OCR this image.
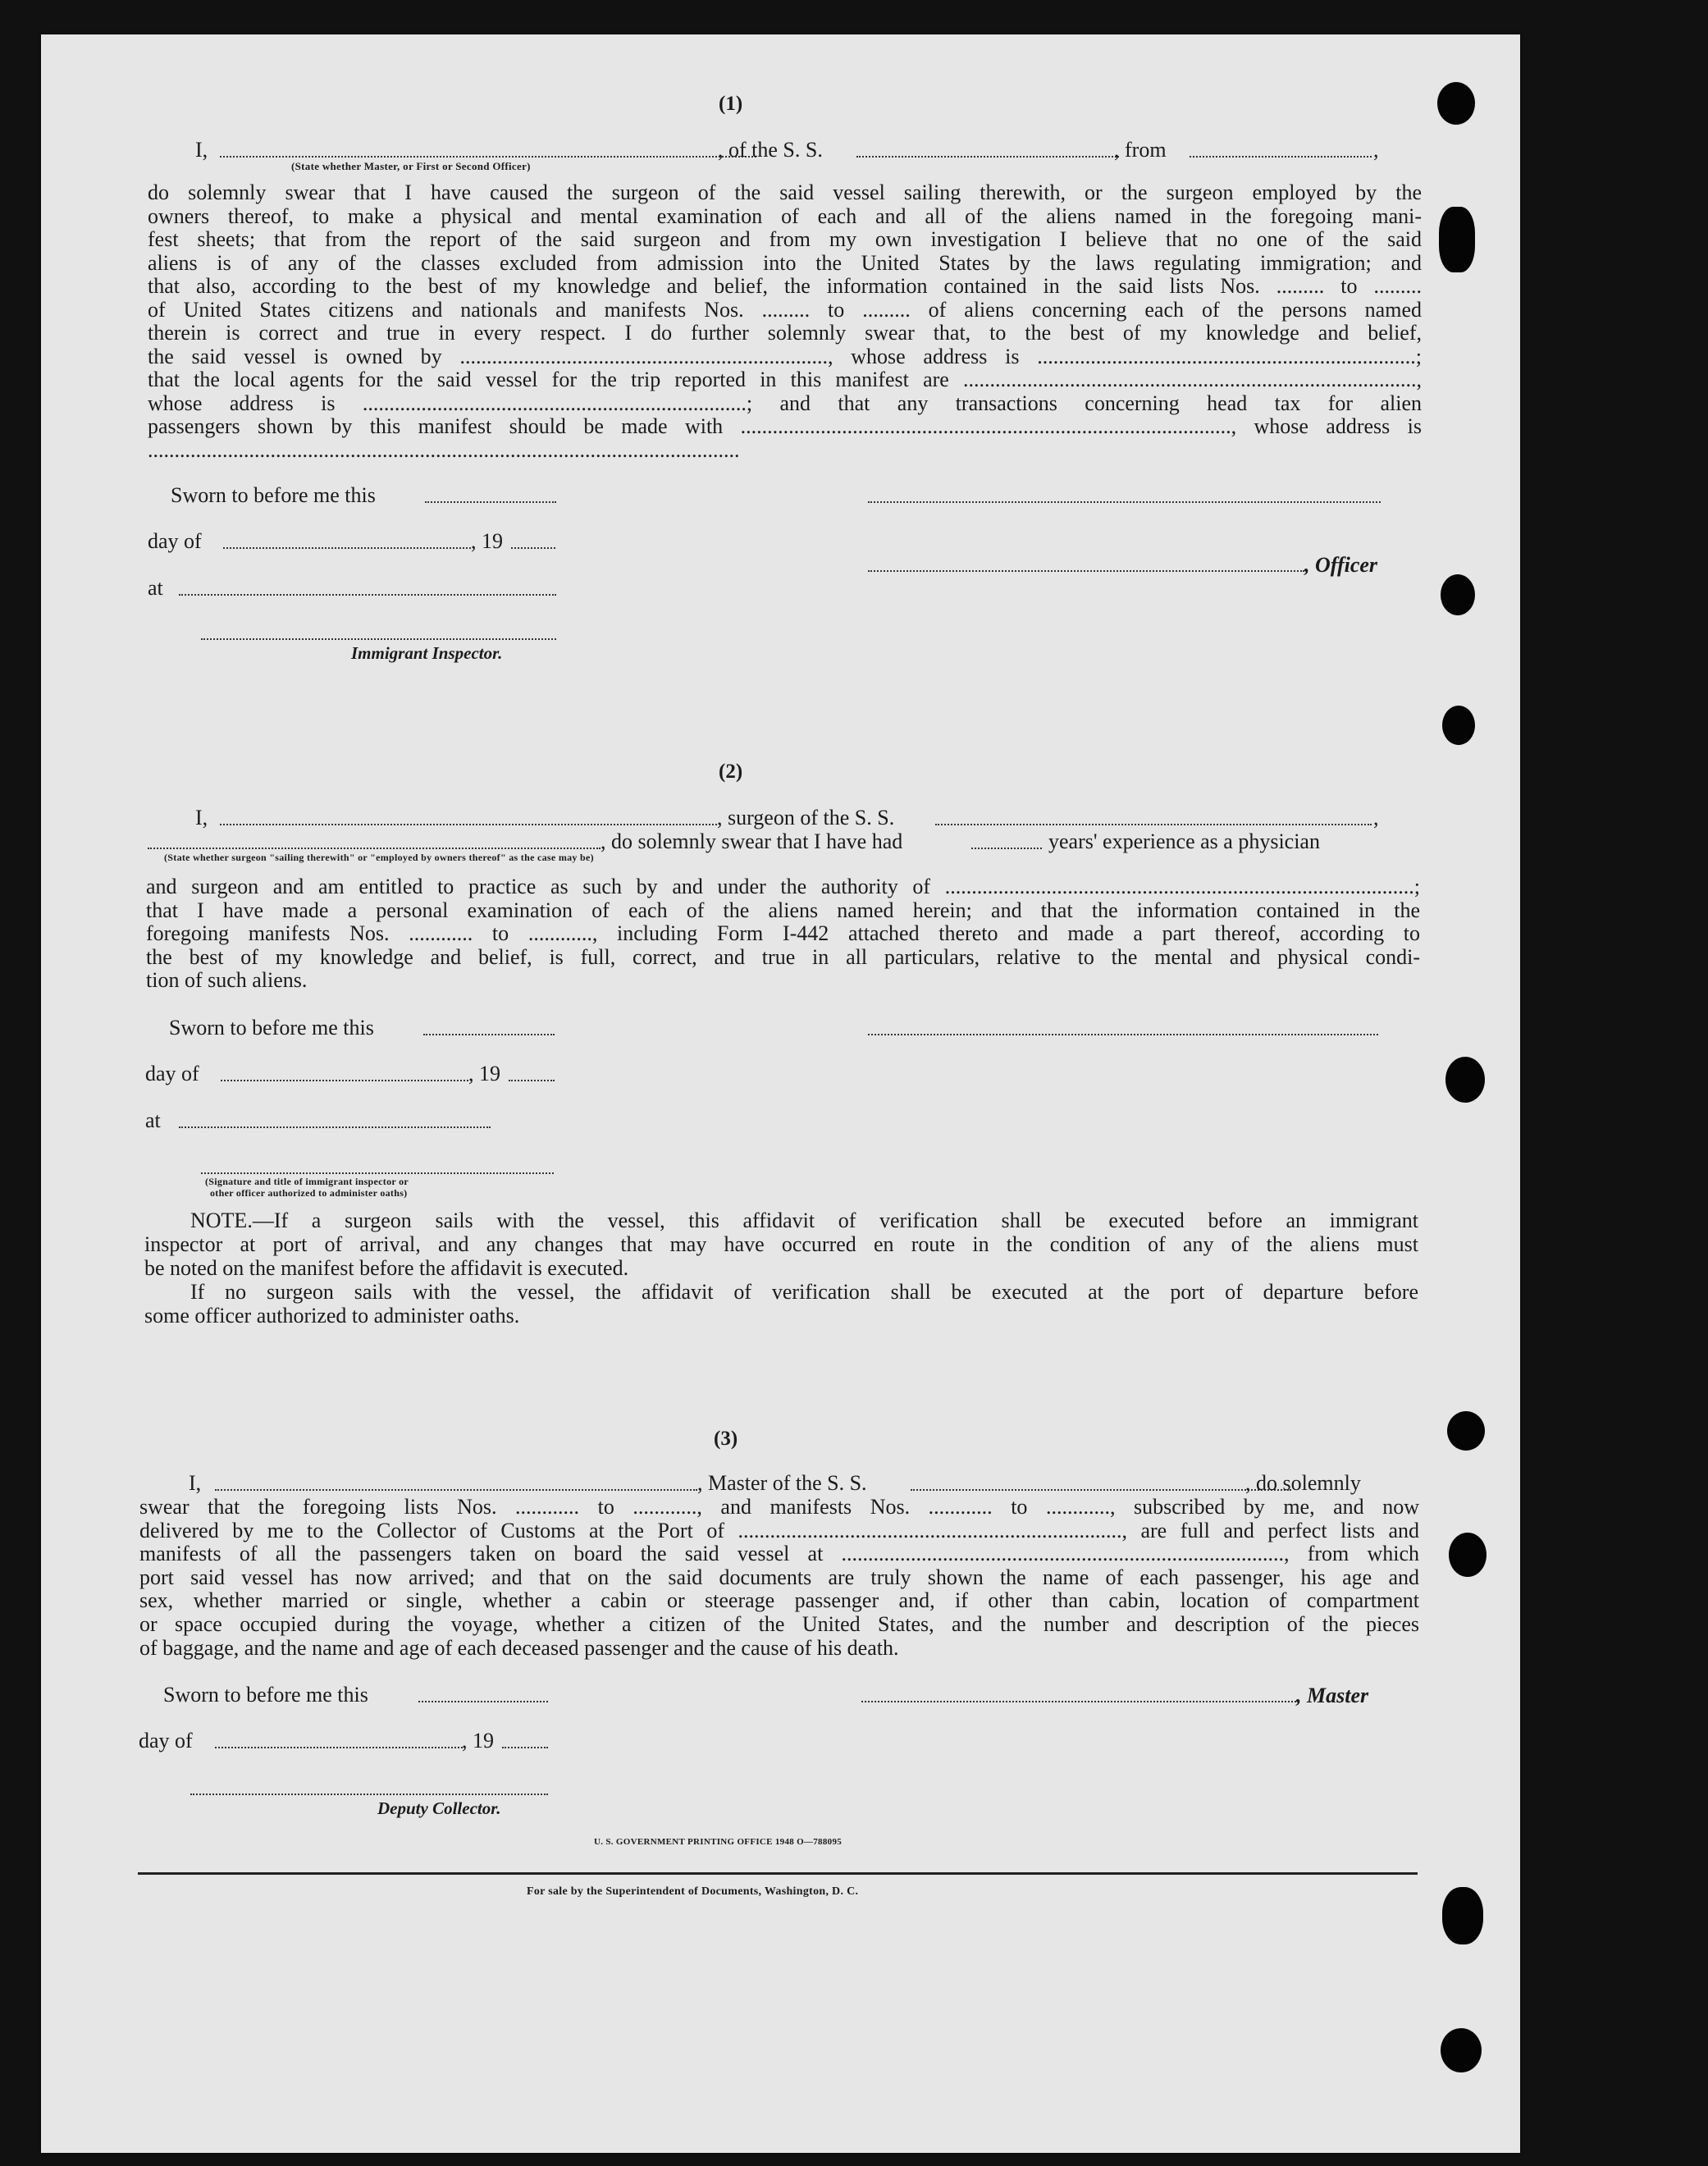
(1)
I,	, of the S. S.	, from	,
(State whether Master, or First or Second Officer)
do solemnly swear that I have caused the surgeon of the said vessel sailing therewith, or the surgeon employed by the
owners thereof, to make a physical and mental examination of each and all of the aliens named in the foregoing mani-
fest sheets; that from the report of the said surgeon and from my own investigation I believe that no one of the said
aliens is of any of the classes excluded from admission into the United States by the laws regulating immigration; and
that also, according to the best of my knowledge and belief, the information contained in the said lists Nos. ......... to .........
of United States citizens and nationals and manifests Nos. ......... to ......... of aliens concerning each of the persons named
therein is correct and true in every respect. I do further solemnly swear that, to the best of my knowledge and belief,
the said vessel is owned by ....................................................................., whose address is .......................................................................;
that the local agents for the said vessel for the trip reported in this manifest are .....................................................................................,
whose address is ........................................................................; and that any transactions concerning head tax for alien
passengers shown by this manifest should be made with ............................................................................................, whose address is
...............................................................................................................
Sworn to before me this
day of	, 19
, Officer
at
Immigrant Inspector.
(2)
I,	, surgeon of the S. S.	,
, do solemnly swear that I have had	years' experience as a physician
(State whether surgeon "sailing therewith" or "employed by owners thereof" as the case may be)
and surgeon and am entitled to practice as such by and under the authority of ........................................................................................;
that I have made a personal examination of each of the aliens named herein; and that the information contained in the
foregoing manifests Nos. ............ to ............, including Form I-442 attached thereto and made a part thereof, according to
the best of my knowledge and belief, is full, correct, and true in all particulars, relative to the mental and physical condi-
tion of such aliens.
Sworn to before me this
day of	, 19
at
(Signature and title of immigrant inspector or
other officer authorized to administer oaths)
NOTE.—If a surgeon sails with the vessel, this affidavit of verification shall be executed before an immigrant
inspector at port of arrival, and any changes that may have occurred en route in the condition of any of the aliens must
be noted on the manifest before the affidavit is executed.
If no surgeon sails with the vessel, the affidavit of verification shall be executed at the port of departure before
some officer authorized to administer oaths.
(3)
I,	, Master of the S. S.	, do solemnly
swear that the foregoing lists Nos. ............ to ............, and manifests Nos. ............ to ............, subscribed by me, and now
delivered by me to the Collector of Customs at the Port of ........................................................................, are full and perfect lists and
manifests of all the passengers taken on board the said vessel at ..................................................................................., from which
port said vessel has now arrived; and that on the said documents are truly shown the name of each passenger, his age and
sex, whether married or single, whether a cabin or steerage passenger and, if other than cabin, location of compartment
or space occupied during the voyage, whether a citizen of the United States, and the number and description of the pieces
of baggage, and the name and age of each deceased passenger and the cause of his death.
Sworn to before me this	, Master
day of	, 19
Deputy Collector.
U. S. GOVERNMENT PRINTING OFFICE 1948 O—788095
For sale by the Superintendent of Documents, Washington, D. C.
